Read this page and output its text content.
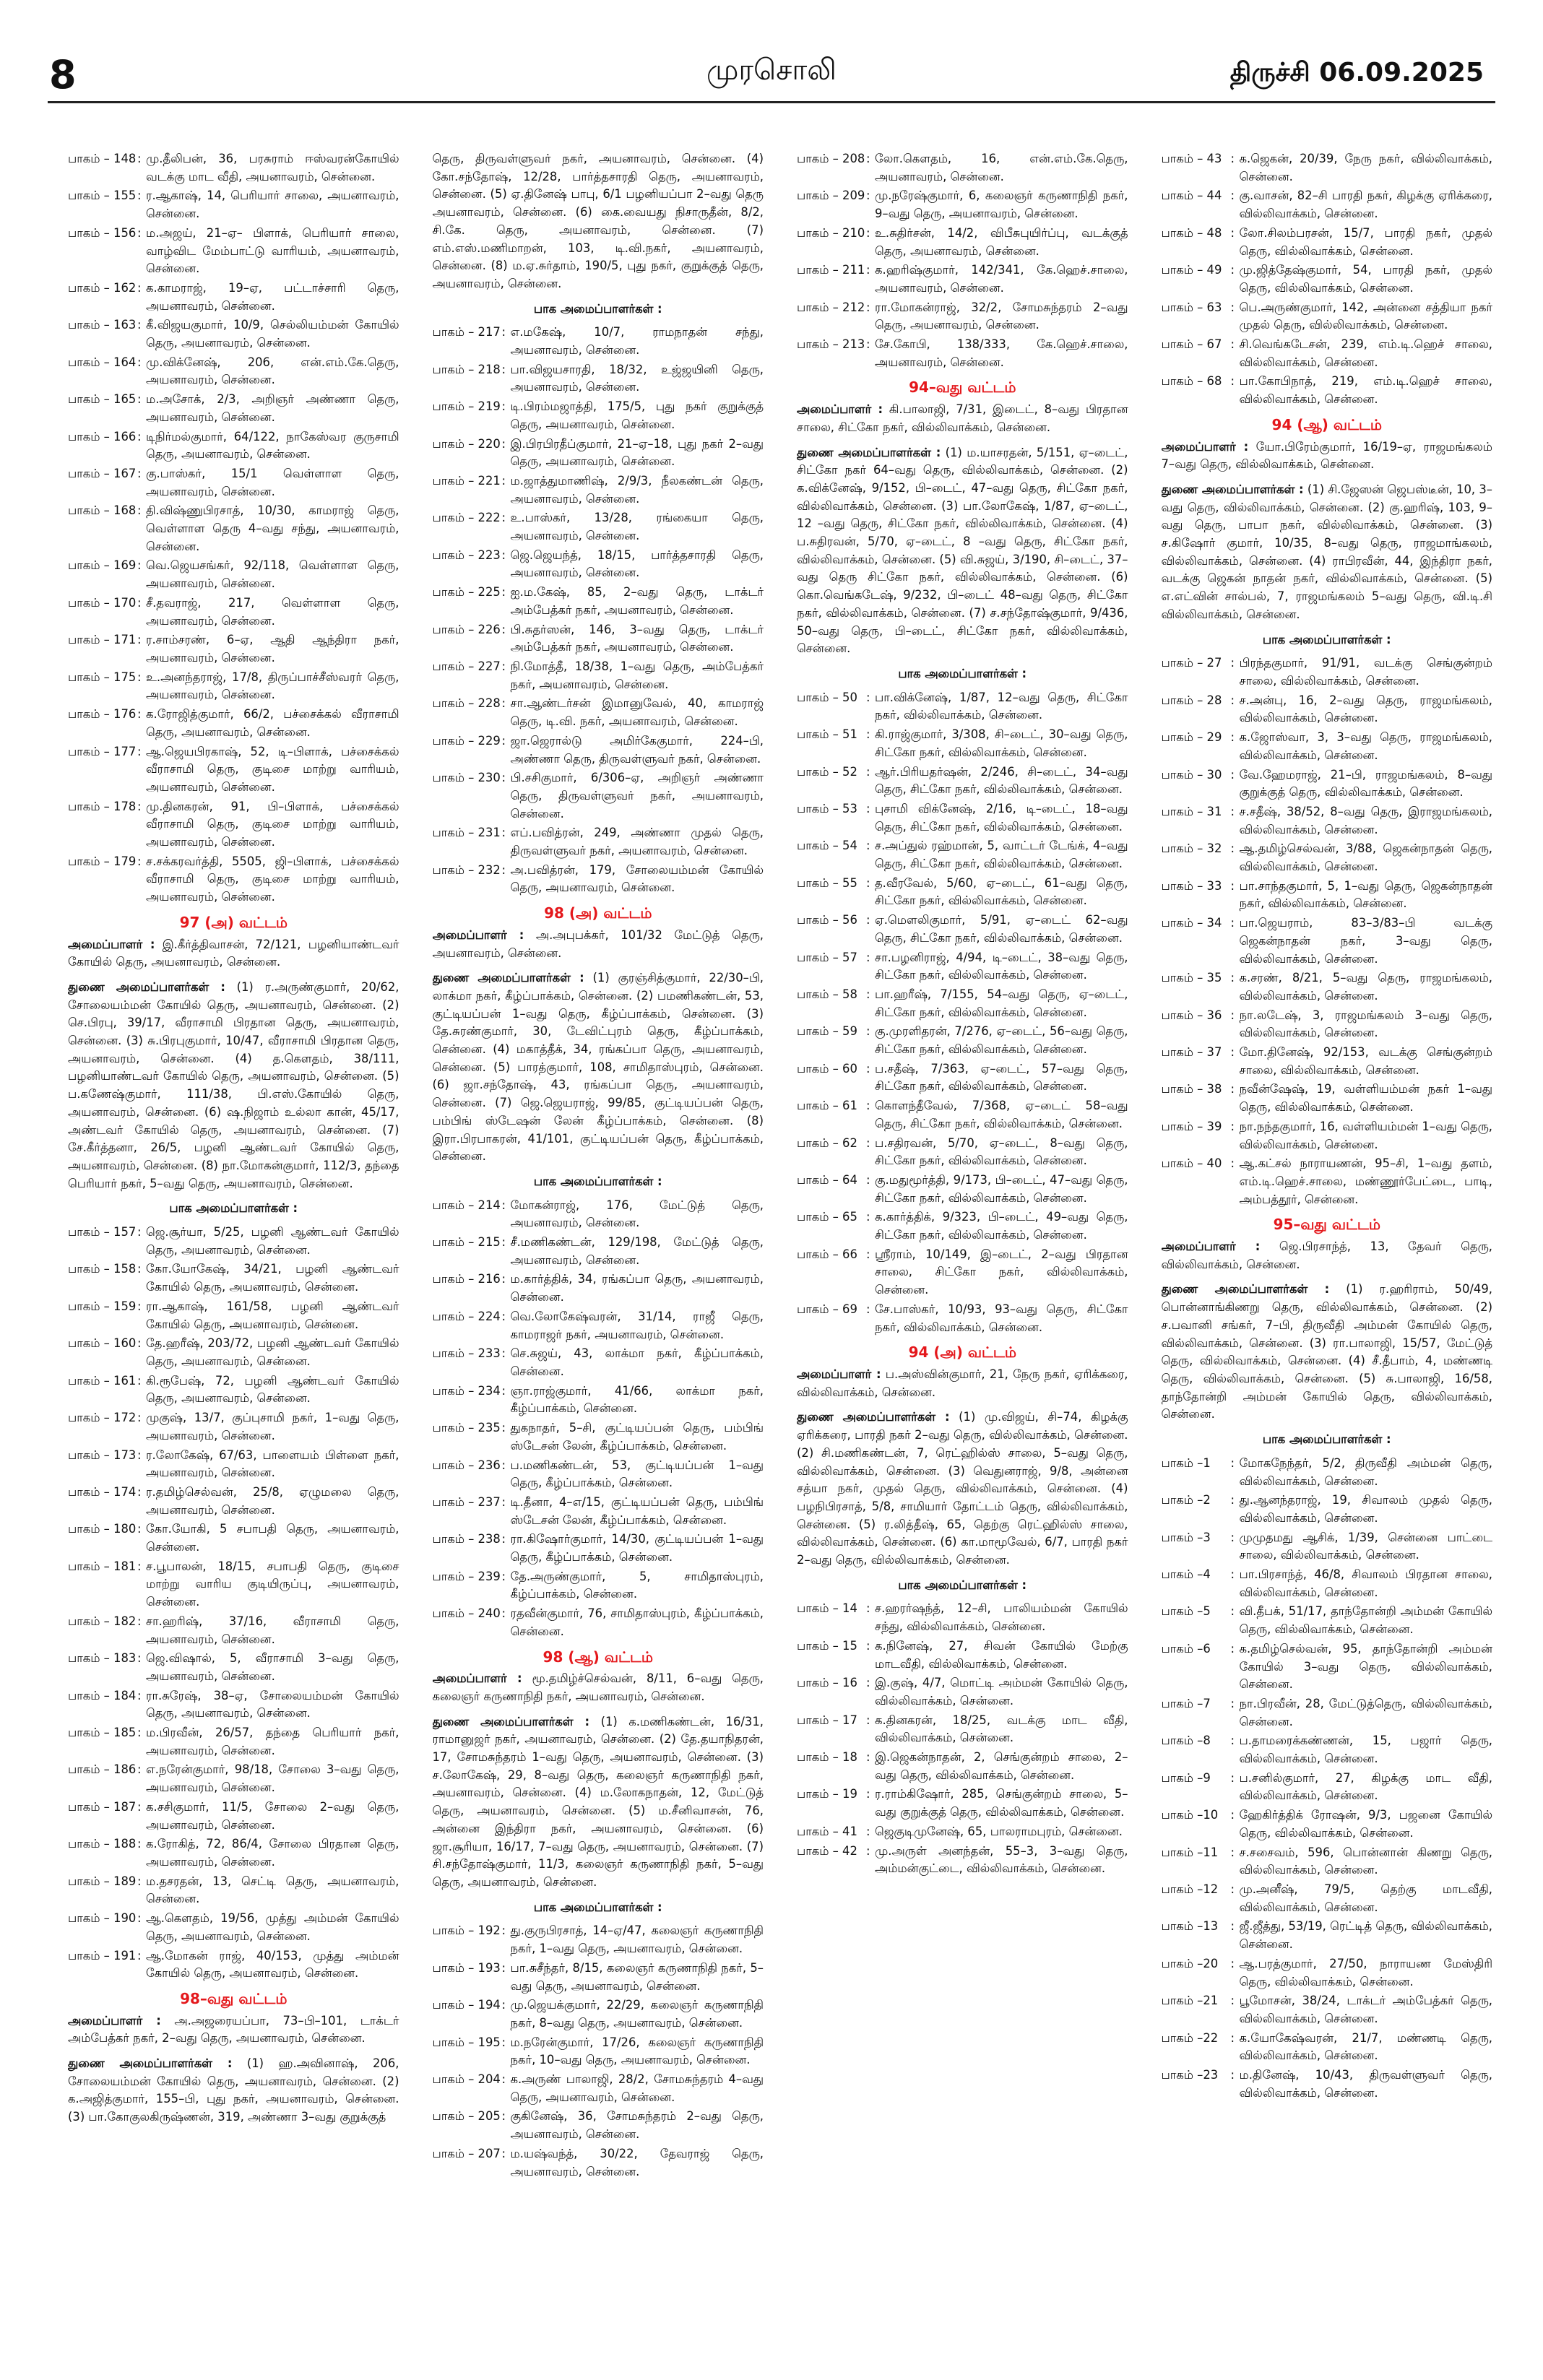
8	முரசொலி	திருச்சி 06.09.2025
பாகம் – 148 : மு.தீலிபன், 36, பரசுராம் ஈஸ்வரன்கோயில் வடக்கு மாட வீதி, அயனாவரம், சென்னை.
பாகம் – 155 : ர.ஆகாஷ், 14, பெரியார் சாலை, அயனாவரம், சென்னை.
பாகம் – 156 : ம.அஜய், 21–ஏ– பிளாக், பெரியார் சாலை, வாழ்விட மேம்பாட்டு வாரியம், அயனாவரம், சென்னை.
பாகம் – 162 : க.காமராஜ், 19–ஏ, பட்டாச்சாரி தெரு, அயனாவரம், சென்னை.
பாகம் – 163 : கீ.விஜயகுமார், 10/9, செல்லியம்மன் கோயில் தெரு, அயனாவரம், சென்னை.
பாகம் – 164 : மு.விக்னேஷ், 206, என்.எம்.கே.தெரு, அயனாவரம், சென்னை.
பாகம் – 165 : ம.அசோக், 2/3, அறிஞர் அண்ணா தெரு, அயனாவரம், சென்னை.
பாகம் – 166 : டிநிர்மல்குமார், 64/122, நாகேஸ்வர குருசாமி தெரு, அயனாவரம், சென்னை.
பாகம் – 167 : கு.பாஸ்கர், 15/1 வெள்ளாள தெரு, அயனாவரம், சென்னை.
பாகம் – 168 : தி.விஷ்ணுபிரசாத், 10/30, காமராஜ் தெரு, வெள்ளாள தெரு 4–வது சந்து, அயனாவரம், சென்னை.
பாகம் – 169 : வெ.ஜெயசங்கர், 92/118, வெள்ளாள தெரு, அயனாவரம், சென்னை.
பாகம் – 170 : சீ.தவராஜ், 217, வெள்ளாள தெரு, அயனாவரம், சென்னை.
பாகம் – 171 : ர.சாம்சரண், 6–ஏ, ஆதி ஆந்திரா நகர், அயனாவரம், சென்னை.
பாகம் – 175 : உ.அனந்தராஜ், 17/8, திருப்பாச்சீஸ்வரர் தெரு, அயனாவரம், சென்னை.
பாகம் – 176 : க.ரோஜித்குமார், 66/2, பச்சைக்கல் வீராசாமி தெரு, அயனாவரம், சென்னை.
பாகம் – 177 : ஆ.ஜெயபிரகாஷ், 52, டி–பிளாக், பச்சைக்கல் வீராசாமி தெரு, குடிசை மாற்று வாரியம், அயனாவரம், சென்னை.
பாகம் – 178 : மு.தினகரன், 91, பி–பிளாக், பச்சைக்கல் வீராசாமி தெரு, குடிசை மாற்று வாரியம், அயனாவரம், சென்னை.
பாகம் – 179 : ச.சக்கரவர்த்தி, 5505, ஜி–பிளாக், பச்சைக்கல் வீராசாமி தெரு, குடிசை மாற்று வாரியம், அயனாவரம், சென்னை.
97 (அ) வட்டம்
அமைப்பாளர் : இ.கீர்த்திவாசன், 72/121, பழனியாண்டவர் கோயில் தெரு, அயனாவரம், சென்னை.
துணை அமைப்பாளர்கள் : (1) ர.அருண்குமார், 20/62, சோலையம்மன் கோயில் தெரு, அயனாவரம், சென்னை. (2) செ.பிரபு, 39/17, வீராசாமி பிரதான தெரு, அயனாவரம், சென்னை. (3) சு.பிரபுகுமார், 10/47, வீராசாமி பிரதான தெரு, அயனாவரம், சென்னை. (4) த.கௌதம், 38/111, பழனியாண்டவர் கோயில் தெரு, அயனாவரம், சென்னை. (5) ப.கணேஷ்குமார், 111/38, பி.எஸ்.கோயில் தெரு, அயனாவரம், சென்னை. (6) ஷ.நிஜாம் உல்லா கான், 45/17, அண்டவர் கோயில் தெரு, அயனாவரம், சென்னை. (7) சே.கீர்த்தனா, 26/5, பழனி ஆண்டவர் கோயில் தெரு, அயனாவரம், சென்னை. (8) நா.மோகன்குமார், 112/3, தந்தை பெரியார் நகர், 5–வது தெரு, அயனாவரம், சென்னை.
பாக அமைப்பாளர்கள் :
பாகம் – 157 : ஜெ.சூர்யா, 5/25, பழனி ஆண்டவர் கோயில் தெரு, அயனாவரம், சென்னை.
பாகம் – 158 : கோ.யோகேஷ், 34/21, பழனி ஆண்டவர் கோயில் தெரு, அயனாவரம், சென்னை.
பாகம் – 159 : ரா.ஆகாஷ், 161/58, பழனி ஆண்டவர் கோயில் தெரு, அயனாவரம், சென்னை.
பாகம் – 160 : தே.ஹரீஷ், 203/72, பழனி ஆண்டவர் கோயில் தெரு, அயனாவரம், சென்னை.
பாகம் – 161 : கி.ரூபேஷ், 72, பழனி ஆண்டவர் கோயில் தெரு, அயனாவரம், சென்னை.
பாகம் – 172 : முகுஷ், 13/7, குப்புசாமி நகர், 1–வது தெரு, அயனாவரம், சென்னை.
பாகம் – 173 : ர.லோகேஷ், 67/63, பாளையம் பிள்ளை நகர், அயனாவரம், சென்னை.
பாகம் – 174 : ர.தமிழ்செல்வன், 25/8, ஏழுமலை தெரு, அயனாவரம், சென்னை.
பாகம் – 180 : கோ.யோகி, 5 சபாபதி தெரு, அயனாவரம், சென்னை.
பாகம் – 181 : ச.பூபாலன், 18/15, சபாபதி தெரு, குடிசை மாற்று வாரிய குடியிருப்பு, அயனாவரம், சென்னை.
பாகம் – 182 : சா.ஹரிஷ், 37/16, வீராசாமி தெரு, அயனாவரம், சென்னை.
பாகம் – 183 : ஜெ.விஷால், 5, வீராசாமி 3–வது தெரு, அயனாவரம், சென்னை.
பாகம் – 184 : ரா.சுரேஷ், 38–ஏ, சோலையம்மன் கோயில் தெரு, அயனாவரம், சென்னை.
பாகம் – 185 : ம.பிரவீன், 26/57, தந்தை பெரியார் நகர், அயனாவரம், சென்னை.
பாகம் – 186 : எ.நரேன்குமார், 98/18, சோலை 3–வது தெரு, அயனாவரம், சென்னை.
பாகம் – 187 : க.சசிகுமார், 11/5, சோலை 2–வது தெரு, அயனாவரம், சென்னை.
பாகம் – 188 : க.ரோகித், 72, 86/4, சோலை பிரதான தெரு, அயனாவரம், சென்னை.
பாகம் – 189 : ம.தசரதன், 13, செட்டி தெரு, அயனாவரம், சென்னை.
பாகம் – 190 : ஆ.கௌதம், 19/56, முத்து அம்மன் கோயில் தெரு, அயனாவரம், சென்னை.
பாகம் – 191 : ஆ.மோகன் ராஜ், 40/153, முத்து அம்மன் கோயில் தெரு, அயனாவரம், சென்னை.
98–வது வட்டம்
அமைப்பாளர் : அ.அஜரையப்பா, 73–பி–101, டாக்டர் அம்பேத்கர் நகர், 2–வது தெரு, அயனாவரம், சென்னை.
துணை அமைப்பாளர்கள் : (1) ஹ.அவினாஷ், 206, சோலையம்மன் கோயில் தெரு, அயனாவரம், சென்னை. (2) க.அஜித்குமார், 155–பி, புது நகர், அயனாவரம், சென்னை. (3) பா.கோகுலகிருஷ்ணன், 319, அண்ணா 3–வது குறுக்குத்
தெரு, திருவள்ளுவர் நகர், அயனாவரம், சென்னை. (4) கோ.சந்தோஷ், 12/28, பார்த்தசாரதி தெரு, அயனாவரம், சென்னை. (5) ஏ.தினேஷ் பாபு, 6/1 பழனியப்பா 2–வது தெரு அயனாவரம், சென்னை. (6) கை.வையது நிசாருதீன், 8/2, சி.கே. தெரு, அயனாவரம், சென்னை. (7) எம்.எஸ்.மணிமாறன், 103, டி.வி.நகர், அயனாவரம், சென்னை. (8) ம.ஏ.சுர்தாம், 190/5, புது நகர், குறுக்குத் தெரு, அயனாவரம், சென்னை.
பாக அமைப்பாளர்கள் :
பாகம் – 217 : எ.மகேஷ், 10/7, ராமநாதன் சந்து, அயனாவரம், சென்னை.
பாகம் – 218 : பா.விஜயசாரதி, 18/32, உஜ்ஜயினி தெரு, அயனாவரம், சென்னை.
பாகம் – 219 : டி.பிரம்மஜாத்தி, 175/5, புது நகர் குறுக்குத் தெரு, அயனாவரம், சென்னை.
பாகம் – 220 : இ.பிரபிரதீப்குமார், 21–ஏ–18, புது நகர் 2–வது தெரு, அயனாவரம், சென்னை.
பாகம் – 221 : ம.ஜாத்துமாணிஷ், 2/9/3, நீலகண்டன் தெரு, அயனாவரம், சென்னை.
பாகம் – 222 : உ.பாஸ்கர், 13/28, ரங்கையா தெரு, அயனாவரம், சென்னை.
பாகம் – 223 : ஜெ.ஜெயந்த், 18/15, பார்த்தசாரதி தெரு, அயனாவரம், சென்னை.
பாகம் – 225 : ஐ.ம.கேஷ், 85, 2–வது தெரு, டாக்டர் அம்பேத்கர் நகர், அயனாவரம், சென்னை.
பாகம் – 226 : பி.சுதர்ஸன், 146, 3–வது தெரு, டாக்டர் அம்பேத்கர் நகர், அயனாவரம், சென்னை.
பாகம் – 227 : நி.மோத்தீ, 18/38, 1–வது தெரு, அம்பேத்கர் நகர், அயனாவரம், சென்னை.
பாகம் – 228 : சா.ஆண்டர்சன் இமானுவேல், 40, காமராஜ் தெரு, டி.வி. நகர், அயனாவரம், சென்னை.
பாகம் – 229 : ஜா.ஜெரால்டு அமிர்கேகுமார், 224–பி, அண்ணா தெரு, திருவள்ளுவர் நகர், சென்னை.
பாகம் – 230 : பி.சசிகுமார், 6/306–ஏ, அறிஞர் அண்ணா தெரு, திருவள்ளுவர் நகர், அயனாவரம், சென்னை.
பாகம் – 231 : எப்.பவித்ரன், 249, அண்ணா முதல் தெரு, திருவள்ளுவர் நகர், அயனாவரம், சென்னை.
பாகம் – 232 : அ.பவித்ரன், 179, சோலையம்மன் கோயில் தெரு, அயனாவரம், சென்னை.
98 (அ) வட்டம்
அமைப்பாளர் : அ.அபுபக்கர், 101/32 மேட்டுத் தெரு, அயனாவரம், சென்னை.
துணை அமைப்பாளர்கள் : (1) குரஞ்சித்குமார், 22/30–பி, லாக்மா நகர், கீழ்ப்பாக்கம், சென்னை. (2) பமணிகண்டன், 53, குட்டியப்பன் 1–வது தெரு, கீழ்ப்பாக்கம், சென்னை. (3) தே.சுரண்குமார், 30, டேவிட்புரம் தெரு, கீழ்ப்பாக்கம், சென்னை. (4) மகாத்தீக், 34, ரங்கப்பா தெரு, அயனாவரம், சென்னை. (5) பாரத்குமார், 108, சாமிதாஸ்புரம், சென்னை. (6) ஜா.சந்தோஷ், 43, ரங்கப்பா தெரு, அயனாவரம், சென்னை. (7) ஜெ.ஜெயராஜ், 99/85, குட்டியப்பன் தெரு, பம்பிங் ஸ்டேஷன் லேன் கீழ்ப்பாக்கம், சென்னை. (8) இரா.பிரபாகரன், 41/101, குட்டியப்பன் தெரு, கீழ்ப்பாக்கம், சென்னை.
பாக அமைப்பாளர்கள் :
பாகம் – 214 : மோகன்ராஜ், 176, மேட்டுத் தெரு, அயனாவரம், சென்னை.
பாகம் – 215 : சீ.மணிகண்டன், 129/198, மேட்டுத் தெரு, அயனாவரம், சென்னை.
பாகம் – 216 : ம.கார்த்திக், 34, ரங்கப்பா தெரு, அயனாவரம், சென்னை.
பாகம் – 224 : வெ.லோகேஷ்வரன், 31/14, ராஜீ தெரு, காமராஜர் நகர், அயனாவரம், சென்னை.
பாகம் – 233 : செ.சுஜய், 43, லாக்மா நகர், கீழ்ப்பாக்கம், சென்னை.
பாகம் – 234 : ஞா.ராஜ்குமார், 41/66, லாக்மா நகர், கீழ்ப்பாக்கம், சென்னை.
பாகம் – 235 : துகநாதர், 5–சி, குட்டியப்பன் தெரு, பம்பிங் ஸ்டேசன் லேன், கீழ்ப்பாக்கம், சென்னை.
பாகம் – 236 : ப.மணிகண்டன், 53, குட்டியப்பன் 1–வது தெரு, கீழ்ப்பாக்கம், சென்னை.
பாகம் – 237 : டி.தீனா, 4–எ/15, குட்டியப்பன் தெரு, பம்பிங் ஸ்டேசன் லேன், கீழ்ப்பாக்கம், சென்னை.
பாகம் – 238 : ரா.கிஷோர்குமார், 14/30, குட்டியப்பன் 1–வது தெரு, கீழ்ப்பாக்கம், சென்னை.
பாகம் – 239 : தே.அருண்குமார், 5, சாமிதாஸ்புரம், கீழ்ப்பாக்கம், சென்னை.
பாகம் – 240 : ரதவீன்குமார், 76, சாமிதாஸ்புரம், கீழ்ப்பாக்கம், சென்னை.
98 (ஆ) வட்டம்
அமைப்பாளர் : மூ.தமிழ்ச்செல்வன், 8/11, 6–வது தெரு, கலைஞர் கருணாநிதி நகர், அயனாவரம், சென்னை.
துணை அமைப்பாளர்கள் : (1) க.மணிகண்டன், 16/31, ராமானுஜர் நகர், அயனாவரம், சென்னை. (2) தே.தயாநிதரன், 17, சோமசுந்தரம் 1–வது தெரு, அயனாவரம், சென்னை. (3) ச.லோகேஷ், 29, 8–வது தெரு, கலைஞர் கருணாநிதி நகர், அயனாவரம், சென்னை. (4) ம.லோகநாதன், 12, மேட்டுத் தெரு, அயனாவரம், சென்னை. (5) ம.சீனிவாசன், 76, அன்னை இந்திரா நகர், அயனாவரம், சென்னை. (6) ஜா.சூரியா, 16/17, 7–வது தெரு, அயனாவரம், சென்னை. (7) சி.சந்தோஷ்குமார், 11/3, கலைஞர் கருணாநிதி நகர், 5–வது தெரு, அயனாவரம், சென்னை.
பாக அமைப்பாளர்கள் :
பாகம் – 192 : து.குருபிரசாத், 14–ஏ/47, கலைஞர் கருணாநிதி நகர், 1–வது தெரு, அயனாவரம், சென்னை.
பாகம் – 193 : பா.சுசீந்தர், 8/15, கலைஞர் கருணாநிதி நகர், 5–வது தெரு, அயனாவரம், சென்னை.
பாகம் – 194 : மு.ஜெயக்குமார், 22/29, கலைஞர் கருணாநிதி நகர், 8–வது தெரு, அயனாவரம், சென்னை.
பாகம் – 195 : ம.நரேன்குமார், 17/26, கலைஞர் கருணாநிதி நகர், 10–வது தெரு, அயனாவரம், சென்னை.
பாகம் – 204 : க.அருண் பாலாஜி, 28/2, சோமசுந்தரம் 4–வது தெரு, அயனாவரம், சென்னை.
பாகம் – 205 : குகினேஷ், 36, சோமசுந்தரம் 2–வது தெரு, அயனாவரம், சென்னை.
பாகம் – 207 : ம.யஷ்வந்த், 30/22, தேவராஜ் தெரு, அயனாவரம், சென்னை.
பாகம் – 208 : லோ.கௌதம், 16, என்.எம்.கே.தெரு, அயனாவரம், சென்னை.
பாகம் – 209 : மு.நரேஷ்குமார், 6, கலைஞர் கருணாநிதி நகர், 9–வது தெரு, அயனாவரம், சென்னை.
பாகம் – 210 : உ.சுதிர்சன், 14/2, விபீசுபுயிர்ப்பு, வடக்குத் தெரு, அயனாவரம், சென்னை.
பாகம் – 211 : க.ஹரிஷ்குமார், 142/341, கே.ஹெச்.சாலை, அயனாவரம், சென்னை.
பாகம் – 212 : ரா.மோகன்ராஜ், 32/2, சோமசுந்தரம் 2–வது தெரு, அயனாவரம், சென்னை.
பாகம் – 213 : சே.கோபி, 138/333, கே.ஹெச்.சாலை, அயனாவரம், சென்னை.
94–வது வட்டம்
அமைப்பாளர் : கி.பாலாஜி, 7/31, இடைட், 8–வது பிரதான சாலை, சிட்கோ நகர், வில்லிவாக்கம், சென்னை.
துணை அமைப்பாளர்கள் : (1) ம.யாசரதன், 5/151, ஏ–டைட், சிட்கோ நகர் 64–வது தெரு, வில்லிவாக்கம், சென்னை. (2) க.விக்னேஷ், 9/152, பி–டைட், 47–வது தெரு, சிட்கோ நகர், வில்லிவாக்கம், சென்னை. (3) பா.லோகேஷ், 1/87, ஏ–டைட், 12 –வது தெரு, சிட்கோ நகர், வில்லிவாக்கம், சென்னை. (4) ப.சுதிரவன், 5/70, ஏ–டைட், 8 –வது தெரு, சிட்கோ நகர், வில்லிவாக்கம், சென்னை. (5) வி.சுஜய், 3/190, சி–டைட், 37–வது தெரு சிட்கோ நகர், வில்லிவாக்கம், சென்னை. (6) கொ.வெங்கடேஷ், 9/232, பி–டைட் 48–வது தெரு, சிட்கோ நகர், வில்லிவாக்கம், சென்னை. (7) ச.சந்தோஷ்குமார், 9/436, 50–வது தெரு, பி–டைட், சிட்கோ நகர், வில்லிவாக்கம், சென்னை.
பாக அமைப்பாளர்கள் :
பாகம் – 50 : பா.விக்னேஷ், 1/87, 12–வது தெரு, சிட்கோ நகர், வில்லிவாக்கம், சென்னை.
பாகம் – 51 : கி.ராஜ்குமார், 3/308, சி–டைட், 30–வது தெரு, சிட்கோ நகர், வில்லிவாக்கம், சென்னை.
பாகம் – 52 : ஆர்.பிரியதர்ஷன், 2/246, சி–டைட், 34–வது தெரு, சிட்கோ நகர், வில்லிவாக்கம், சென்னை.
பாகம் – 53 : புசாமி விக்னேஷ், 2/16, டி–டைட், 18–வது தெரு, சிட்கோ நகர், வில்லிவாக்கம், சென்னை.
பாகம் – 54 : ச.அப்துல் ரஹ்மான், 5, வாட்டர் டேங்க், 4–வது தெரு, சிட்கோ நகர், வில்லிவாக்கம், சென்னை.
பாகம் – 55 : த.வீரவேல், 5/60, ஏ–டைட், 61–வது தெரு, சிட்கோ நகர், வில்லிவாக்கம், சென்னை.
பாகம் – 56 : ஏ.மௌலிகுமார், 5/91, ஏ–டைட் 62–வது தெரு, சிட்கோ நகர், வில்லிவாக்கம், சென்னை.
பாகம் – 57 : சா.பழனிராஜ், 4/94, டி–டைட், 38–வது தெரு, சிட்கோ நகர், வில்லிவாக்கம், சென்னை.
பாகம் – 58 : பா.ஹரீஷ், 7/155, 54–வது தெரு, ஏ–டைட், சிட்கோ நகர், வில்லிவாக்கம், சென்னை.
பாகம் – 59 : கு.முரளிதரன், 7/276, ஏ–டைட், 56–வது தெரு, சிட்கோ நகர், வில்லிவாக்கம், சென்னை.
பாகம் – 60 : ப.சதீஷ், 7/363, ஏ–டைட், 57–வது தெரு, சிட்கோ நகர், வில்லிவாக்கம், சென்னை.
பாகம் – 61 : கொளந்தீவேல், 7/368, ஏ–டைட் 58–வது தெரு, சிட்கோ நகர், வில்லிவாக்கம், சென்னை.
பாகம் – 62 : ப.சதிரவன், 5/70, ஏ–டைட், 8–வது தெரு, சிட்கோ நகர், வில்லிவாக்கம், சென்னை.
பாகம் – 64 : கு.மதுமூர்த்தி, 9/173, பி–டைட், 47–வது தெரு, சிட்கோ நகர், வில்லிவாக்கம், சென்னை.
பாகம் – 65 : க.கார்த்திக், 9/323, பி–டைட், 49–வது தெரு, சிட்கோ நகர், வில்லிவாக்கம், சென்னை.
பாகம் – 66 : ஸ்ரீராம், 10/149, இ–டைட், 2–வது பிரதான சாலை, சிட்கோ நகர், வில்லிவாக்கம், சென்னை.
பாகம் – 69 : சே.பாஸ்கர், 10/93, 93–வது தெரு, சிட்கோ நகர், வில்லிவாக்கம், சென்னை.
94 (அ) வட்டம்
அமைப்பாளர் : ப.அஸ்வின்குமார், 21, நேரு நகர், ஏரிக்கரை, வில்லிவாக்கம், சென்னை.
துணை அமைப்பாளர்கள் : (1) மு.விஜய், சி–74, கிழக்கு ஏரிக்கரை, பாரதி நகர் 2–வது தெரு, வில்லிவாக்கம், சென்னை. (2) சி.மணிகண்டன், 7, ரெட்ஹில்ஸ் சாலை, 5–வது தெரு, வில்லிவாக்கம், சென்னை. (3) வெதுனராஜ், 9/8, அன்னை சத்யா நகர், முதல் தெரு, வில்லிவாக்கம், சென்னை. (4) பழநிபிரசாத், 5/8, சாமியார் தோட்டம் தெரு, வில்லிவாக்கம், சென்னை. (5) ர.லித்தீஷ், 65, தெற்கு ரெட்ஹில்ஸ் சாலை, வில்லிவாக்கம், சென்னை. (6) கா.மாமூவேல், 6/7, பாரதி நகர் 2–வது தெரு, வில்லிவாக்கம், சென்னை.
பாக அமைப்பாளர்கள் :
பாகம் – 14 : ச.ஹரர்ஷந்த், 12–சி, பாலியம்மன் கோயில் சந்து, வில்லிவாக்கம், சென்னை.
பாகம் – 15 : க.நினேஷ், 27, சிவன் கோயில் மேற்கு மாடவீதி, வில்லிவாக்கம், சென்னை.
பாகம் – 16 : இ.குஷ், 4/7, மொட்டி அம்மன் கோயில் தெரு, வில்லிவாக்கம், சென்னை.
பாகம் – 17 : க.தினகரன், 18/25, வடக்கு மாட வீதி, வில்லிவாக்கம், சென்னை.
பாகம் – 18 : இ.ஜெகன்நாதன், 2, செங்குன்றம் சாலை, 2–வது தெரு, வில்லிவாக்கம், சென்னை.
பாகம் – 19 : ர.ராம்கிஷோர், 285, செங்குன்றம் சாலை, 5–வது குறுக்குத் தெரு, வில்லிவாக்கம், சென்னை.
பாகம் – 41 : ஜெகுடிமுனேஷ், 65, பாலராமபுரம், சென்னை.
பாகம் – 42 : மு.அருள் அனந்தன், 55–3, 3–வது தெரு, அம்மன்குட்டை, வில்லிவாக்கம், சென்னை.
பாகம் – 43 : க.ஜெகன், 20/39, நேரு நகர், வில்லிவாக்கம், சென்னை.
பாகம் – 44 : கு.வாசன், 82–சி பாரதி நகர், கிழக்கு ஏரிக்கரை, வில்லிவாக்கம், சென்னை.
பாகம் – 48 : லோ.சிலம்பரசன், 15/7, பாரதி நகர், முதல் தெரு, வில்லிவாக்கம், சென்னை.
பாகம் – 49 : மு.ஜித்தேஷ்குமார், 54, பாரதி நகர், முதல் தெரு, வில்லிவாக்கம், சென்னை.
பாகம் – 63 : பெ.அருண்குமார், 142, அன்னை சத்தியா நகர் முதல் தெரு, வில்லிவாக்கம், சென்னை.
பாகம் – 67 : சி.வெங்கடேசன், 239, எம்.டி.ஹெச் சாலை, வில்லிவாக்கம், சென்னை.
பாகம் – 68 : பா.கோபிநாத், 219, எம்.டி.ஹெச் சாலை, வில்லிவாக்கம், சென்னை.
94 (ஆ) வட்டம்
அமைப்பாளர் : யோ.பிரேம்குமார், 16/19–ஏ, ராஜமங்கலம் 7–வது தெரு, வில்லிவாக்கம், சென்னை.
துணை அமைப்பாளர்கள் : (1) சி.ஜேஸன் ஜெபஸ்டீன், 10, 3–வது தெரு, வில்லிவாக்கம், சென்னை. (2) கு.ஹரிஷ், 103, 9–வது தெரு, பாபா நகர், வில்லிவாக்கம், சென்னை. (3) ச.கிஷோர் குமார், 10/35, 8–வது தெரு, ராஜமாங்கலம், வில்லிவாக்கம், சென்னை. (4) ராபிரவீன், 44, இந்திரா நகர், வடக்கு ஜெகன் நாதன் நகர், வில்லிவாக்கம், சென்னை. (5) எ.எட்வின் சால்பல், 7, ராஜமங்கலம் 5–வது தெரு, வி.டி.சி வில்லிவாக்கம், சென்னை.
பாக அமைப்பாளர்கள் :
பாகம் – 27 : பிரந்தகுமார், 91/91, வடக்கு செங்குன்றம் சாலை, வில்லிவாக்கம், சென்னை.
பாகம் – 28 : ச.அன்பு, 16, 2–வது தெரு, ராஜமங்கலம், வில்லிவாக்கம், சென்னை.
பாகம் – 29 : க.ஜோஸ்வா, 3, 3–வது தெரு, ராஜமங்கலம், வில்லிவாக்கம், சென்னை.
பாகம் – 30 : வே.ஹேமராஜ், 21–பி, ராஜமங்கலம், 8–வது குறுக்குத் தெரு, வில்லிவாக்கம், சென்னை.
பாகம் – 31 : ச.சதீஷ், 38/52, 8–வது தெரு, இராஜமங்கலம், வில்லிவாக்கம், சென்னை.
பாகம் – 32 : ஆ.தமிழ்செல்வன், 3/88, ஜெகன்நாதன் தெரு, வில்லிவாக்கம், சென்னை.
பாகம் – 33 : பா.சாந்தகுமார், 5, 1–வது தெரு, ஜெகன்நாதன் நகர், வில்லிவாக்கம், சென்னை.
பாகம் – 34 : பா.ஜெயராம், 83–3/83–பி வடக்கு ஜெகன்நாதன் நகர், 3–வது தெரு, வில்லிவாக்கம், சென்னை.
பாகம் – 35 : க.சரண், 8/21, 5–வது தெரு, ராஜமங்கலம், வில்லிவாக்கம், சென்னை.
பாகம் – 36 : நா.லடேஷ், 3, ராஜமங்கலம் 3–வது தெரு, வில்லிவாக்கம், சென்னை.
பாகம் – 37 : மோ.தினேஷ், 92/153, வடக்கு செங்குன்றம் சாலை, வில்லிவாக்கம், சென்னை.
பாகம் – 38 : நவீன்ஷேஷ், 19, வள்ளியம்மன் நகர் 1–வது தெரு, வில்லிவாக்கம், சென்னை.
பாகம் – 39 : நா.நந்தகுமார், 16, வள்ளியம்மன் 1–வது தெரு, வில்லிவாக்கம், சென்னை.
பாகம் – 40 : ஆ.கட்சல் நாராயணன், 95–சி, 1–வது தளம், எம்.டி.ஹெச்.சாலை, மண்ணூர்பேட்டை, பாடி, அம்பத்தூர், சென்னை.
95–வது வட்டம்
அமைப்பாளர் : ஜெ.பிரசாந்த், 13, தேவர் தெரு, வில்லிவாக்கம், சென்னை.
துணை அமைப்பாளர்கள் : (1) ர.ஹரிராம், 50/49, பொன்னாங்கிணறு தெரு, வில்லிவாக்கம், சென்னை. (2) ச.பவானி சங்கர், 7–பி, திருவீதி அம்மன் கோயில் தெரு, வில்லிவாக்கம், சென்னை. (3) ரா.பாலாஜி, 15/57, மேட்டுத் தெரு, வில்லிவாக்கம், சென்னை. (4) சீ.தீபாம், 4, மண்ணடி தெரு, வில்லிவாக்கம், சென்னை. (5) சு.பாலாஜி, 16/58, தாந்தோன்றி அம்மன் கோயில் தெரு, வில்லிவாக்கம், சென்னை.
பாக அமைப்பாளர்கள் :
பாகம் –1	: மோகநேந்தர், 5/2, திருவீதி அம்மன் தெரு, வில்லிவாக்கம், சென்னை.
பாகம் –2	: து.ஆனந்தராஜ், 19, சிவாலம் முதல் தெரு, வில்லிவாக்கம், சென்னை.
பாகம் –3	: முமுதமது ஆசிக், 1/39, சென்னை பாட்டை சாலை, வில்லிவாக்கம், சென்னை.
பாகம் –4	: பா.பிரசாந்த், 46/8, சிவாலம் பிரதான சாலை, வில்லிவாக்கம், சென்னை.
பாகம் –5	: வி.தீபக், 51/17, தாந்தோன்றி அம்மன் கோயில் தெரு, வில்லிவாக்கம், சென்னை.
பாகம் –6	: க.தமிழ்செல்வன், 95, தாந்தோன்றி அம்மன் கோயில் 3–வது தெரு, வில்லிவாக்கம், சென்னை.
பாகம் –7	: நா.பிரவீன், 28, மேட்டுத்தெரு, வில்லிவாக்கம், சென்னை.
பாகம் –8	: ப.தாமரைக்கண்ணன், 15, பஜார் தெரு, வில்லிவாக்கம், சென்னை.
பாகம் –9	: ப.சனில்குமார், 27, கிழக்கு மாட வீதி, வில்லிவாக்கம், சென்னை.
பாகம் –10	: ஹேகிர்த்திக் ரோஷன், 9/3, பஜனை கோயில் தெரு, வில்லிவாக்கம், சென்னை.
பாகம் –11	: ச.சசைவம், 596, பொன்னான் கிணறு தெரு, வில்லிவாக்கம், சென்னை.
பாகம் –12	: மு.அனீஷ், 79/5, தெற்கு மாடவீதி, வில்லிவாக்கம், சென்னை.
பாகம் –13	: ஜீ.ஜீத்து, 53/19, ரெட்டித் தெரு, வில்லிவாக்கம், சென்னை.
பாகம் –20	: ஆ.பரத்குமார், 27/50, நாராயண மேஸ்திரி தெரு, வில்லிவாக்கம், சென்னை.
பாகம் –21	: பூமோசன், 38/24, டாக்டர் அம்பேத்கர் தெரு, வில்லிவாக்கம், சென்னை.
பாகம் –22	: க.யோகேஷ்வரன், 21/7, மண்ணடி தெரு, வில்லிவாக்கம், சென்னை.
பாகம் –23	: ம.தினேஷ், 10/43, திருவள்ளுவர் தெரு, வில்லிவாக்கம், சென்னை.
